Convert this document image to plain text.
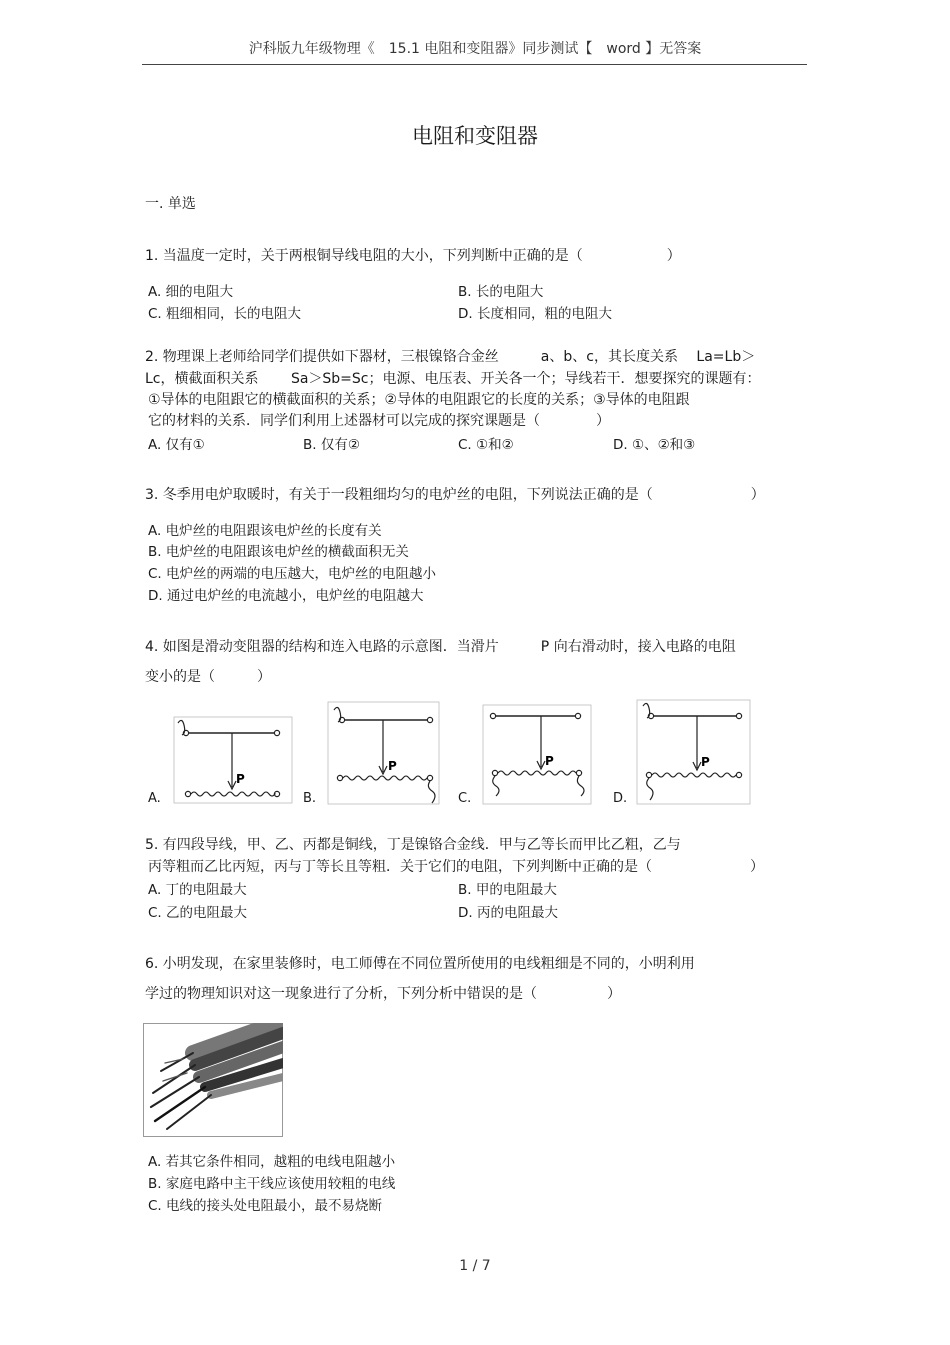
沪科版九年级物理《　15.1 电阻和变阻器》同步测试【　word 】无答案
电阻和变阻器
一. 单选
1. 当温度一定时，关于两根铜导线电阻的大小，下列判断中正确的是（　　　　　　）
A. 细的电阻大	B. 长的电阻大
C. 粗细相同，长的电阻大	D. 长度相同，粗的电阻大
2. 物理课上老师给同学们提供如下器材，三根镍铬合金丝　　　a、b、c，其长度关系　 La=Lb＞
Lc，横截面积关系　　 Sa＞Sb=Sc；电源、电压表、开关各一个；导线若干．想要探究的课题有：
①导体的电阻跟它的横截面积的关系；②导体的电阻跟它的长度的关系；③导体的电阻跟
它的材料的关系．同学们利用上述器材可以完成的探究课题是（　　　　）
A. 仅有①	B. 仅有②	C. ①和②	D. ①、②和③
3. 冬季用电炉取暖时，有关于一段粗细均匀的电炉丝的电阻，下列说法正确的是（　　　　　　　）
A. 电炉丝的电阻跟该电炉丝的长度有关
B. 电炉丝的电阻跟该电炉丝的横截面积无关
C. 电炉丝的两端的电压越大，电炉丝的电阻越小
D. 通过电炉丝的电流越小，电炉丝的电阻越大
4. 如图是滑动变阻器的结构和连入电路的示意图．当滑片　　　P 向右滑动时，接入电路的电阻
变小的是（　　　）
A.
P
B.
P
C.
P
D.
P
5. 有四段导线，甲、乙、丙都是铜线，丁是镍铬合金线．甲与乙等长而甲比乙粗，乙与
丙等粗而乙比丙短，丙与丁等长且等粗．关于它们的电阻，下列判断中正确的是（　　　　　　　）
A. 丁的电阻最大	B. 甲的电阻最大
C. 乙的电阻最大	D. 丙的电阻最大
6. 小明发现，在家里装修时，电工师傅在不同位置所使用的电线粗细是不同的，小明利用
学过的物理知识对这一现象进行了分析，下列分析中错误的是（　　　　　）
A. 若其它条件相同，越粗的电线电阻越小
B. 家庭电路中主干线应该使用较粗的电线
C. 电线的接头处电阻最小，最不易烧断
1 / 7
